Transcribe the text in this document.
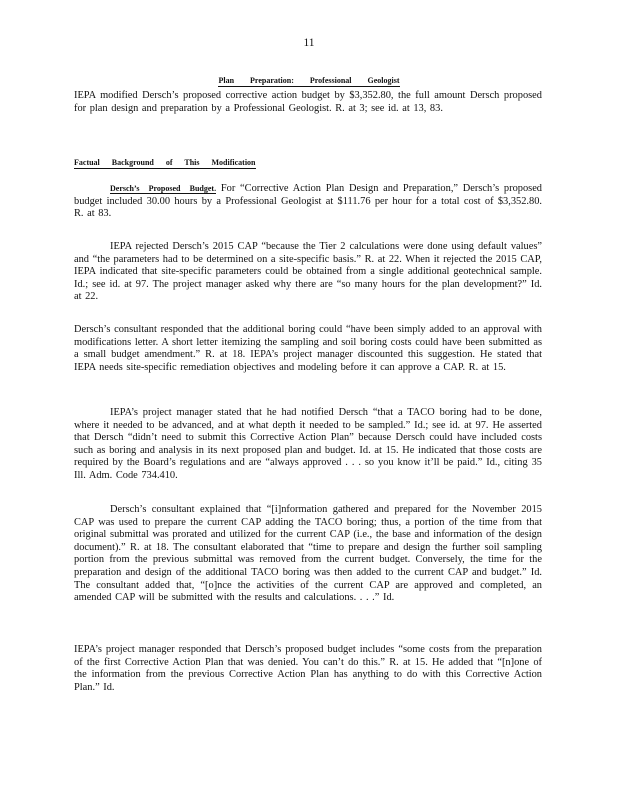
11
Plan Preparation: Professional Geologist

IEPA modified Dersch’s proposed corrective action budget by $3,352.80, the full amount Dersch proposed for plan design and preparation by a Professional Geologist. R. at 3; see id. at 13, 83.

Factual Background of This Modification

Dersch’s Proposed Budget. For “Corrective Action Plan Design and Preparation,” Dersch’s proposed budget included 30.00 hours by a Professional Geologist at $111.76 per hour for a total cost of $3,352.80. R. at 83.

IEPA rejected Dersch’s 2015 CAP “because the Tier 2 calculations were done using default values” and “the parameters had to be determined on a site-specific basis.” R. at 22. When it rejected the 2015 CAP, IEPA indicated that site-specific parameters could be obtained from a single additional geotechnical sample. Id.; see id. at 97. The project manager asked why there are “so many hours for the plan development?” Id. at 22.

Dersch’s consultant responded that the additional boring could “have been simply added to an approval with modifications letter. A short letter itemizing the sampling and soil boring costs could have been submitted as a small budget amendment.” R. at 18. IEPA’s project manager discounted this suggestion. He stated that IEPA needs site-specific remediation objectives and modeling before it can approve a CAP. R. at 15.

IEPA’s project manager stated that he had notified Dersch “that a TACO boring had to be done, where it needed to be advanced, and at what depth it needed to be sampled.” Id.; see id. at 97. He asserted that Dersch “didn’t need to submit this Corrective Action Plan” because Dersch could have included costs such as boring and analysis in its next proposed plan and budget. Id. at 15. He indicated that those costs are required by the Board’s regulations and are “always approved . . . so you know it’ll be paid.” Id., citing 35 Ill. Adm. Code 734.410.

Dersch’s consultant explained that “[i]nformation gathered and prepared for the November 2015 CAP was used to prepare the current CAP adding the TACO boring; thus, a portion of the time from that original submittal was prorated and utilized for the current CAP (i.e., the base and information of the design document).” R. at 18. The consultant elaborated that “time to prepare and design the further soil sampling portion from the previous submittal was removed from the current budget. Conversely, the time for the preparation and design of the additional TACO boring was then added to the current CAP and budget.” Id. The consultant added that, “[o]nce the activities of the current CAP are approved and completed, an amended CAP will be submitted with the results and calculations. . . .” Id.

IEPA’s project manager responded that Dersch’s proposed budget includes “some costs from the preparation of the first Corrective Action Plan that was denied. You can’t do this.” R. at 15. He added that “[n]one of the information from the previous Corrective Action Plan has anything to do with this Corrective Action Plan.” Id.
